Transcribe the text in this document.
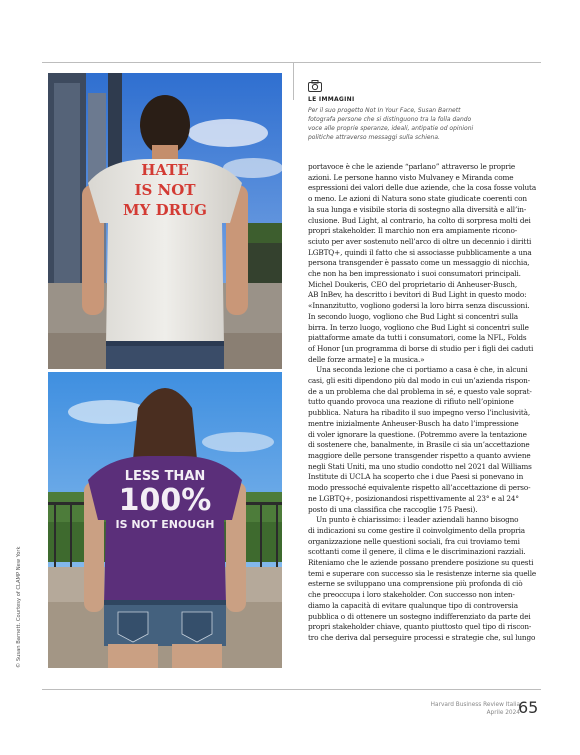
HATE
IS NOT
MY DRUG
LESS THAN
100%
IS NOT ENOUGH
© Susan Barnett. Courtesy of CLAMP New York
LE IMMAGINI
Per il suo progetto Not In Your Face, Susan Barnett
fotografa persone che si distinguono tra la folla dando
voce alle proprie speranze, ideali, antipatie od opinioni
politiche attraverso messaggi sulla schiena.
portavoce è che le aziende “parlano” attraverso le proprie
azioni. Le persone hanno visto Mulvaney e Miranda come
espressioni dei valori delle due aziende, che la cosa fosse voluta
o meno. Le azioni di Natura sono state giudicate coerenti con
la sua lunga e visibile storia di sostegno alla diversità e all’in-
clusione. Bud Light, al contrario, ha colto di sorpresa molti dei
propri stakeholder. Il marchio non era ampiamente ricono-
sciuto per aver sostenuto nell’arco di oltre un decennio i diritti
LGBTQ+, quindi il fatto che si associasse pubblicamente a una
persona transgender è passato come un messaggio di nicchia,
che non ha ben impressionato i suoi consumatori principali.
Michel Doukeris, CEO del proprietario di Anheuser-Busch,
AB InBev, ha descritto i bevitori di Bud Light in questo modo:
«Innanzitutto, vogliono godersi la loro birra senza discussioni.
In secondo luogo, vogliono che Bud Light si concentri sulla
birra. In terzo luogo, vogliono che Bud Light si concentri sulle
piattaforme amate da tutti i consumatori, come la NFL, Folds
of Honor [un programma di borse di studio per i figli dei caduti
delle forze armate] e la musica.»
Una seconda lezione che ci portiamo a casa è che, in alcuni
casi, gli esiti dipendono più dal modo in cui un’azienda rispon-
de a un problema che dal problema in sé, e questo vale soprat-
tutto quando provoca una reazione di rifiuto nell’opinione
pubblica. Natura ha ribadito il suo impegno verso l’inclusività,
mentre inizialmente Anheuser-Busch ha dato l’impressione
di voler ignorare la questione. (Potremmo avere la tentazione
di sostenere che, banalmente, in Brasile ci sia un’accettazione
maggiore delle persone transgender rispetto a quanto avviene
negli Stati Uniti, ma uno studio condotto nel 2021 dal Williams
Institute di UCLA ha scoperto che i due Paesi si ponevano in
modo pressoché equivalente rispetto all’accettazione di perso-
ne LGBTQ+, posizionandosi rispettivamente al 23° e al 24°
posto di una classifica che raccoglie 175 Paesi).
Un punto è chiarissimo: i leader aziendali hanno bisogno
di indicazioni su come gestire il coinvolgimento della propria
organizzazione nelle questioni sociali, fra cui troviamo temi
scottanti come il genere, il clima e le discriminazioni razziali.
Riteniamo che le aziende possano prendere posizione su questi
temi e superare con successo sia le resistenze interne sia quelle
esterne se sviluppano una comprensione più profonda di ciò
che preoccupa i loro stakeholder. Con successo non inten-
diamo la capacità di evitare qualunque tipo di controversia
pubblica o di ottenere un sostegno indifferenziato da parte dei
propri stakeholder chiave, quanto piuttosto quel tipo di riscon-
tro che deriva dal perseguire processi e strategie che, sul lungo
Harvard Business Review Italia
Aprile 2024
65
